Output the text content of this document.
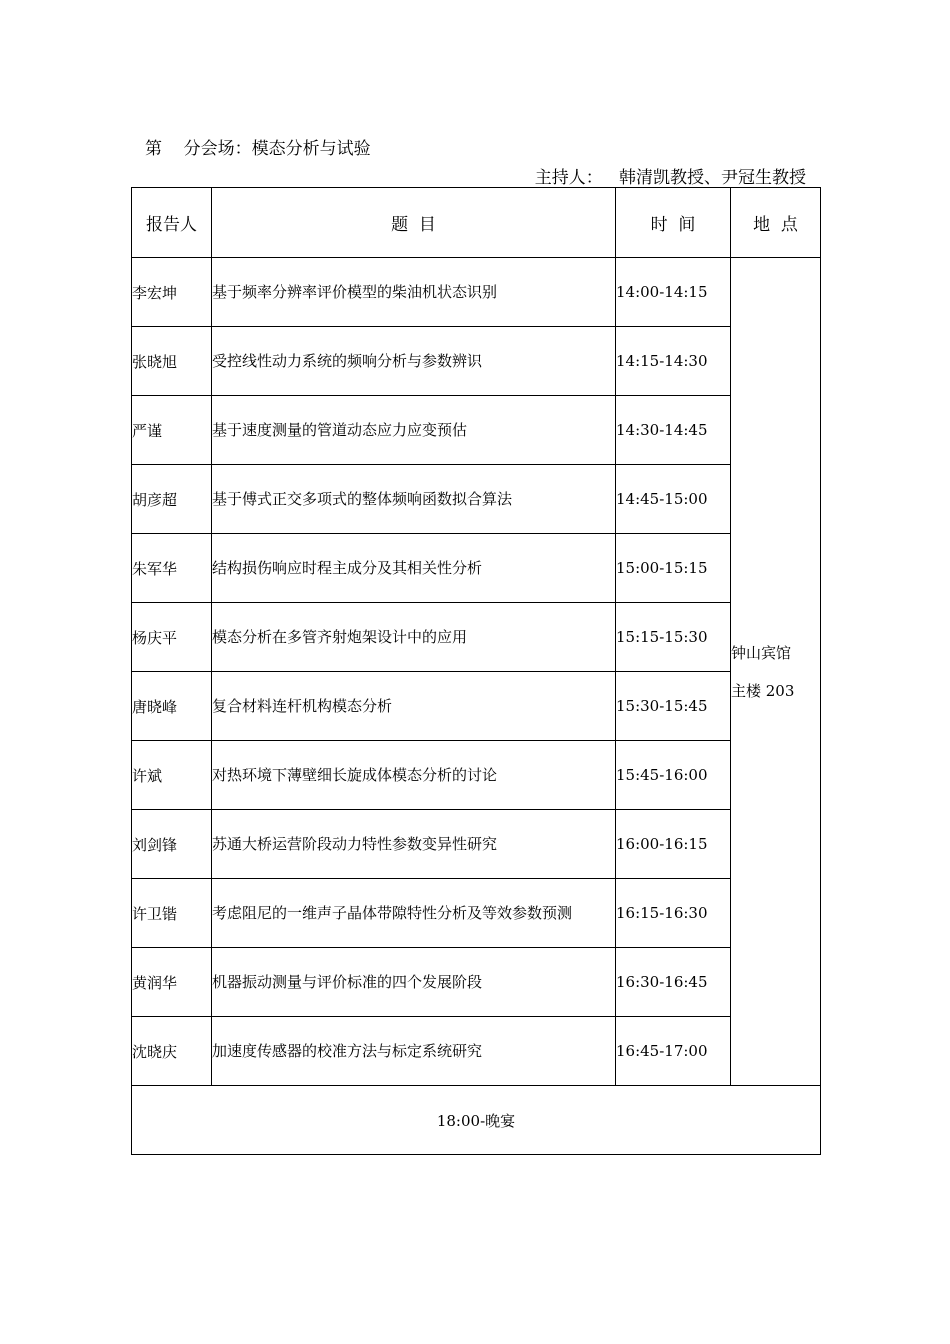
第    分会场：模态分析与试验
主持人： 韩清凯教授、尹冠生教授
报告人	题  目	时  间	地  点
李宏坤	基于频率分辨率评价模型的柴油机状态识别	14:00-14:15	钟山宾馆
主楼 203

张晓旭	受控线性动力系统的频响分析与参数辨识	14:15-14:30	
严谨	基于速度测量的管道动态应力应变预估	14:30-14:45	
胡彦超	基于傅式正交多项式的整体频响函数拟合算法	14:45-15:00	
朱军华	结构损伤响应时程主成分及其相关性分析	15:00-15:15	
杨庆平	模态分析在多管齐射炮架设计中的应用	15:15-15:30	
唐晓峰	复合材料连杆机构模态分析	15:30-15:45	
许斌	对热环境下薄壁细长旋成体模态分析的讨论	15:45-16:00	
刘剑锋	苏通大桥运营阶段动力特性参数变异性研究	16:00-16:15	
许卫锴	考虑阻尼的一维声子晶体带隙特性分析及等效参数预测	16:15-16:30	
黄润华	机器振动测量与评价标准的四个发展阶段	16:30-16:45	
沈晓庆	加速度传感器的校准方法与标定系统研究	16:45-17:00	
18:00-晚宴			
